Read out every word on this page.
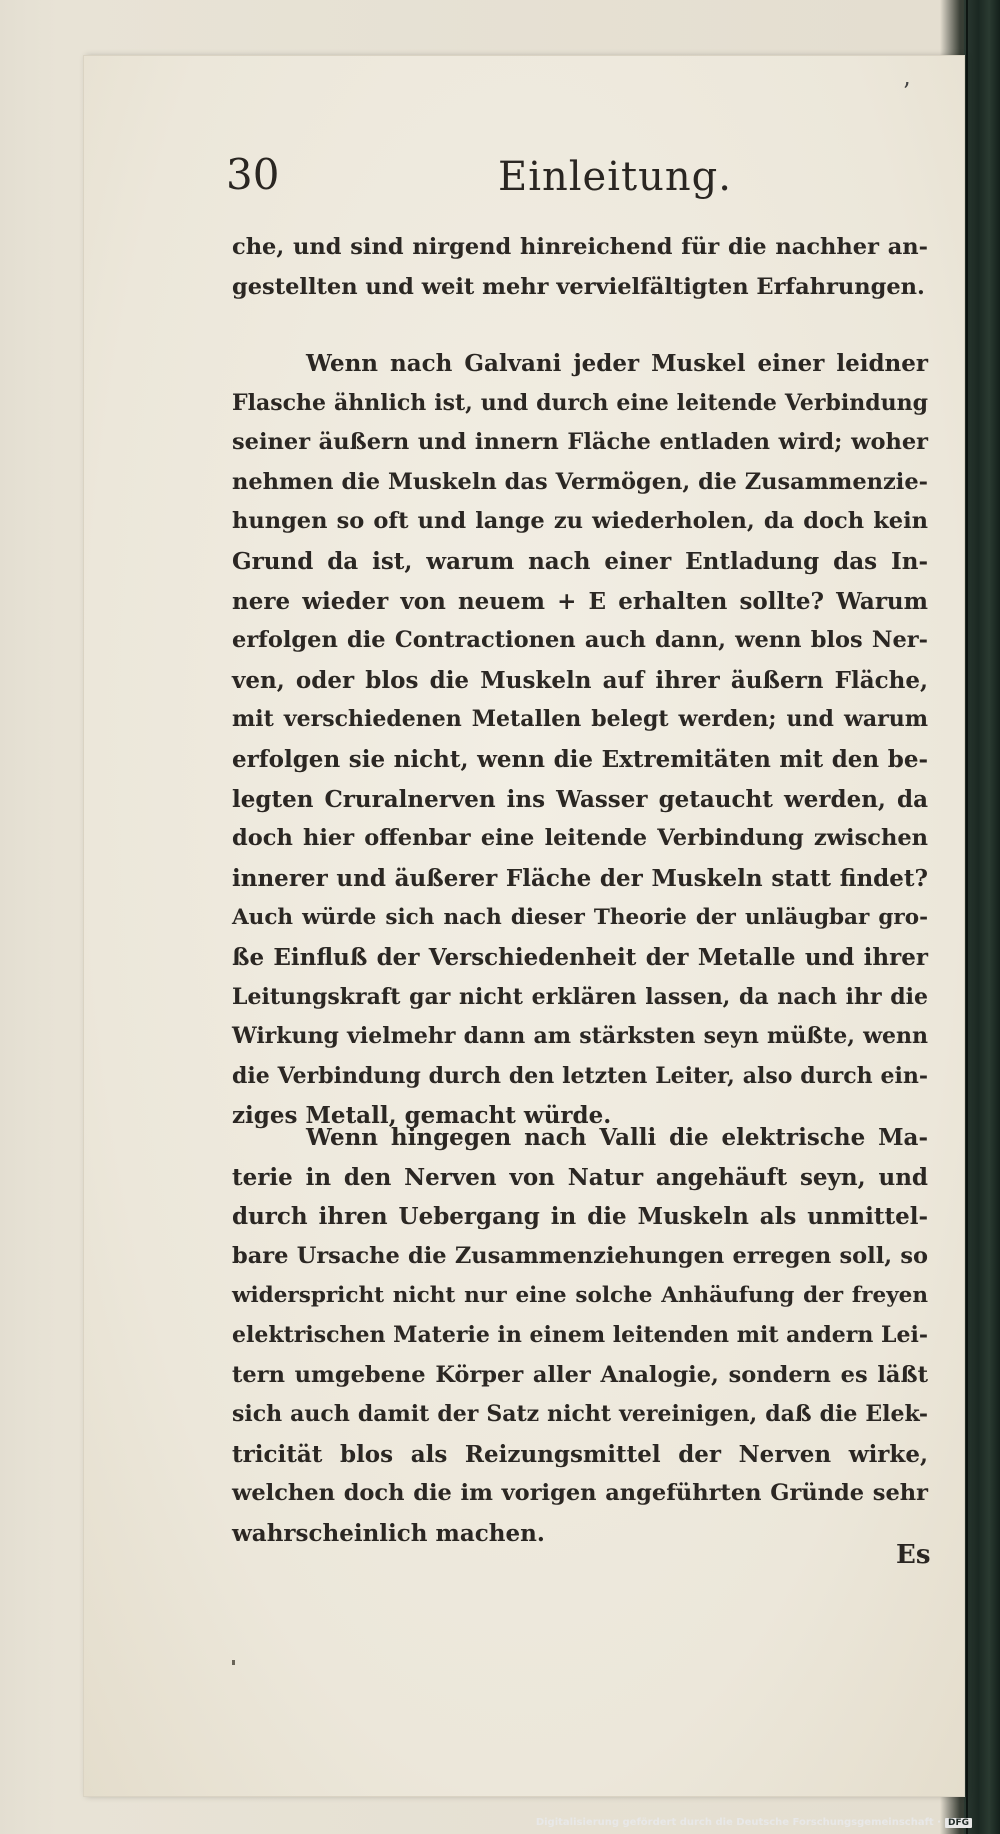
ʼ
30	Einleitung.
che, und sind nirgend hinreichend für die nachher an-
gestellten und weit mehr vervielfältigten Erfahrungen.
Wenn nach Galvani jeder Muskel einer leidner
Flasche ähnlich ist, und durch eine leitende Verbindung
seiner äußern und innern Fläche entladen wird; woher
nehmen die Muskeln das Vermögen, die Zusammenzie-
hungen so oft und lange zu wiederholen, da doch kein
Grund da ist, warum nach einer Entladung das In-
nere wieder von neuem + E erhalten sollte? Warum
erfolgen die Contractionen auch dann, wenn blos Ner-
ven, oder blos die Muskeln auf ihrer äußern Fläche,
mit verschiedenen Metallen belegt werden; und warum
erfolgen sie nicht, wenn die Extremitäten mit den be-
legten Cruralnerven ins Wasser getaucht werden, da
doch hier offenbar eine leitende Verbindung zwischen
innerer und äußerer Fläche der Muskeln statt findet?
Auch würde sich nach dieser Theorie der unläugbar gro-
ße Einfluß der Verschiedenheit der Metalle und ihrer
Leitungskraft gar nicht erklären lassen, da nach ihr die
Wirkung vielmehr dann am stärksten seyn müßte, wenn
die Verbindung durch den letzten Leiter, also durch ein-
ziges Metall, gemacht würde.
Wenn hingegen nach Valli die elektrische Ma-
terie in den Nerven von Natur angehäuft seyn, und
durch ihren Uebergang in die Muskeln als unmittel-
bare Ursache die Zusammenziehungen erregen soll, so
widerspricht nicht nur eine solche Anhäufung der freyen
elektrischen Materie in einem leitenden mit andern Lei-
tern umgebene Körper aller Analogie, sondern es läßt
sich auch damit der Satz nicht vereinigen, daß die Elek-
tricität blos als Reizungsmittel der Nerven wirke,
welchen doch die im vorigen angeführten Gründe sehr
wahrscheinlich machen.
Es
Digitalisierung gefördert durch die Deutsche Forschungsgemeinschaft · DFG
